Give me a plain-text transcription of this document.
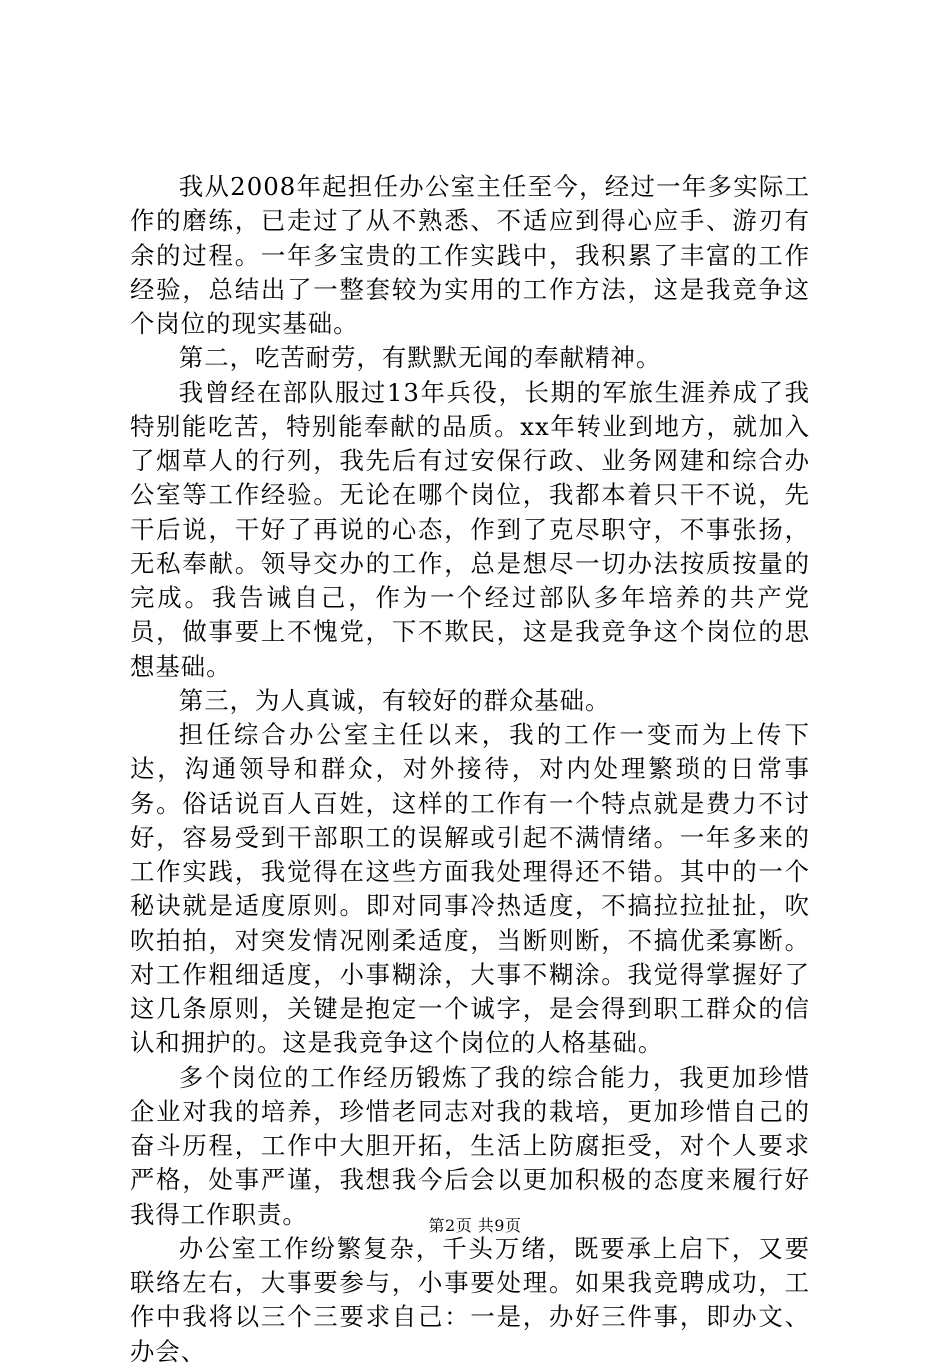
我从2008年起担任办公室主任至今，经过一年多实际工作的磨练，已走过了从不熟悉、不适应到得心应手、游刃有余的过程。一年多宝贵的工作实践中，我积累了丰富的工作经验，总结出了一整套较为实用的工作方法，这是我竞争这个岗位的现实基础。

第二，吃苦耐劳，有默默无闻的奉献精神。

我曾经在部队服过13年兵役，长期的军旅生涯养成了我特别能吃苦，特别能奉献的品质。xx年转业到地方，就加入了烟草人的行列，我先后有过安保行政、业务网建和综合办公室等工作经验。无论在哪个岗位，我都本着只干不说，先干后说，干好了再说的心态，作到了克尽职守，不事张扬，无私奉献。领导交办的工作，总是想尽一切办法按质按量的完成。我告诫自己，作为一个经过部队多年培养的共产党员，做事要上不愧党，下不欺民，这是我竞争这个岗位的思想基础。

第三，为人真诚，有较好的群众基础。

担任综合办公室主任以来，我的工作一变而为上传下达，沟通领导和群众，对外接待，对内处理繁琐的日常事务。俗话说百人百姓，这样的工作有一个特点就是费力不讨好，容易受到干部职工的误解或引起不满情绪。一年多来的工作实践，我觉得在这些方面我处理得还不错。其中的一个秘诀就是适度原则。即对同事冷热适度，不搞拉拉扯扯，吹吹拍拍，对突发情况刚柔适度，当断则断，不搞优柔寡断。对工作粗细适度，小事糊涂，大事不糊涂。我觉得掌握好了这几条原则，关键是抱定一个诚字，是会得到职工群众的信认和拥护的。这是我竞争这个岗位的人格基础。

多个岗位的工作经历锻炼了我的综合能力，我更加珍惜企业对我的培养，珍惜老同志对我的栽培，更加珍惜自己的奋斗历程，工作中大胆开拓，生活上防腐拒受，对个人要求严格，处事严谨，我想我今后会以更加积极的态度来履行好我得工作职责。

办公室工作纷繁复杂，千头万绪，既要承上启下，又要联络左右，大事要参与，小事要处理。如果我竞聘成功，工作中我将以三个三要求自己：一是，办好三件事，即办文、办会、

第2页 共9页
